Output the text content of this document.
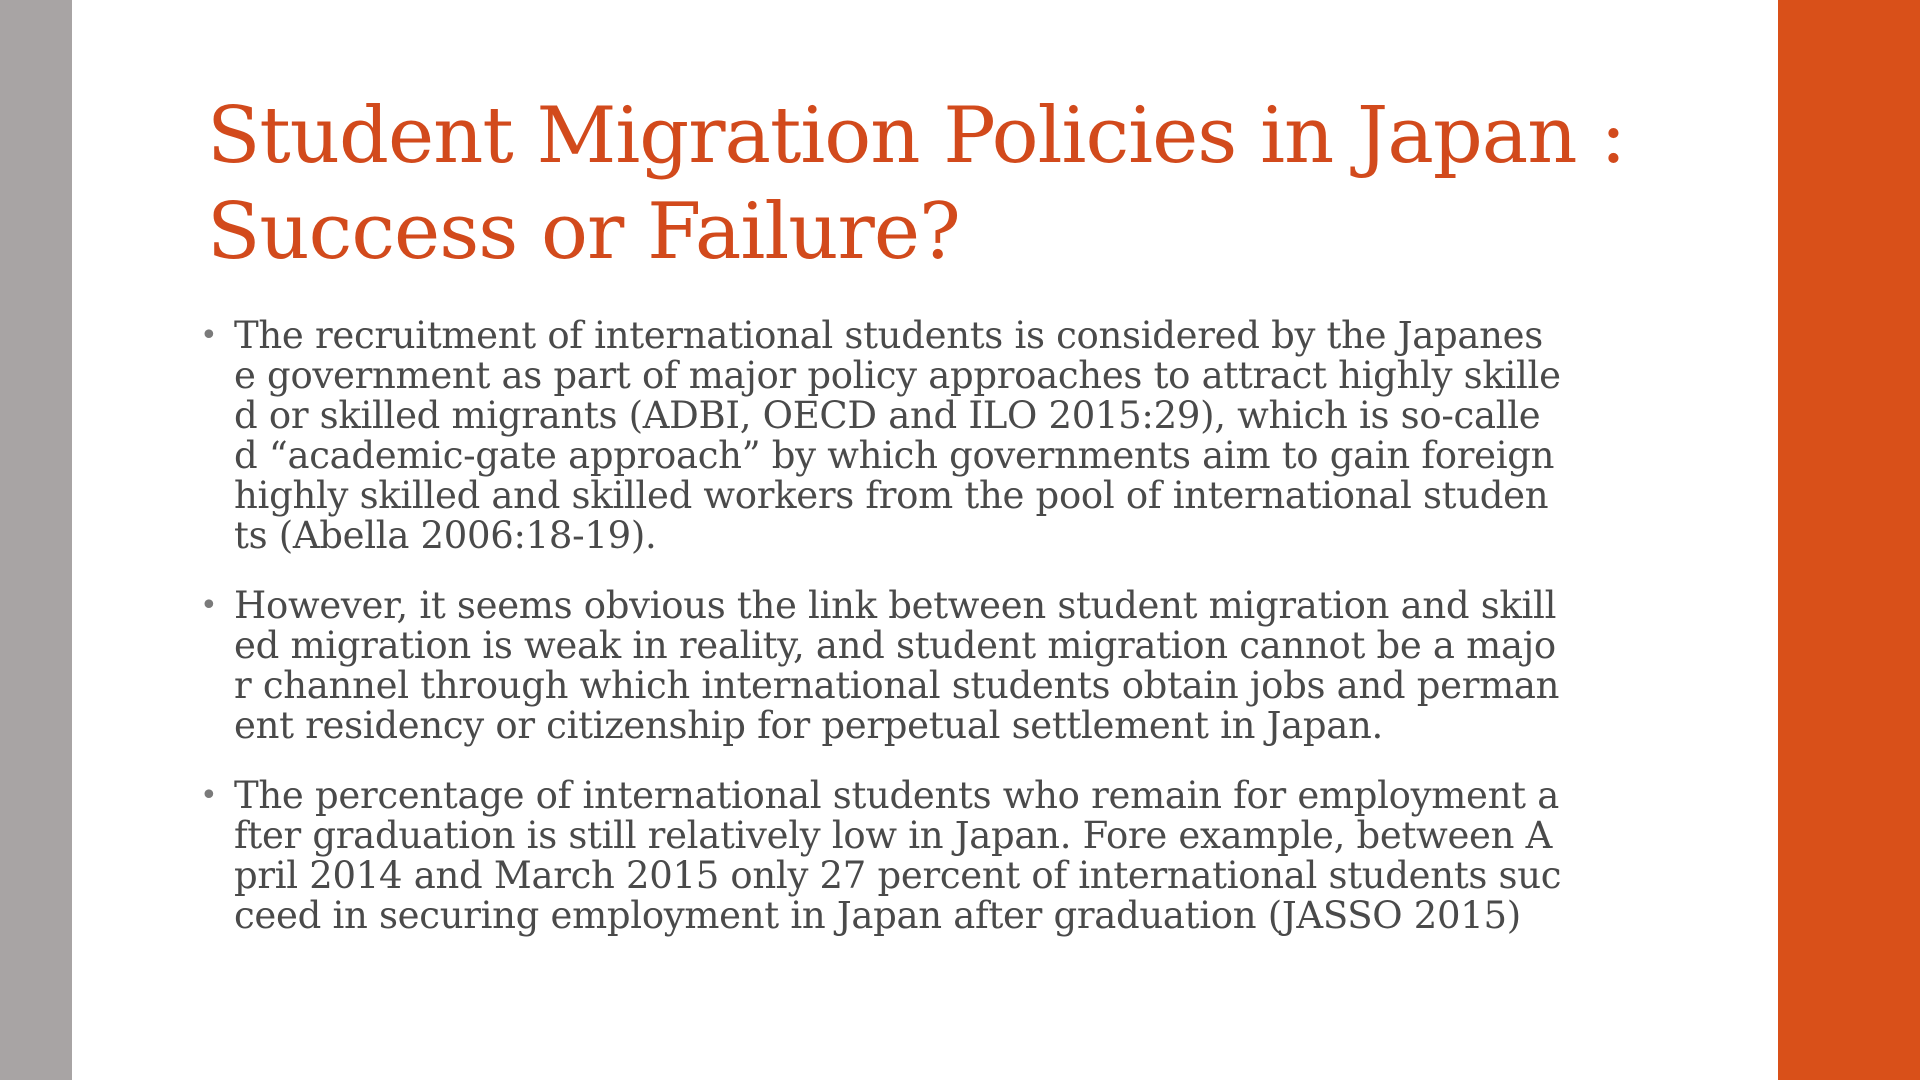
Student Migration Policies in Japan :
Success or Failure?
• The recruitment of international students is considered by the Japanes
e government as part of major policy approaches to attract highly skille
d or skilled migrants (ADBI, OECD and ILO 2015:29), which is so-calle
d “academic-gate approach” by which governments aim to gain foreign
highly skilled and skilled workers from the pool of international studen
ts (Abella 2006:18-19).
• However, it seems obvious the link between student migration and skill
ed migration is weak in reality, and student migration cannot be a majo
r channel through which international students obtain jobs and perman
ent residency or citizenship for perpetual settlement in Japan.
• The percentage of international students who remain for employment a
fter graduation is still relatively low in Japan. Fore example, between A
pril 2014 and March 2015 only 27 percent of international students suc
ceed in securing employment in Japan after graduation (JASSO 2015)
